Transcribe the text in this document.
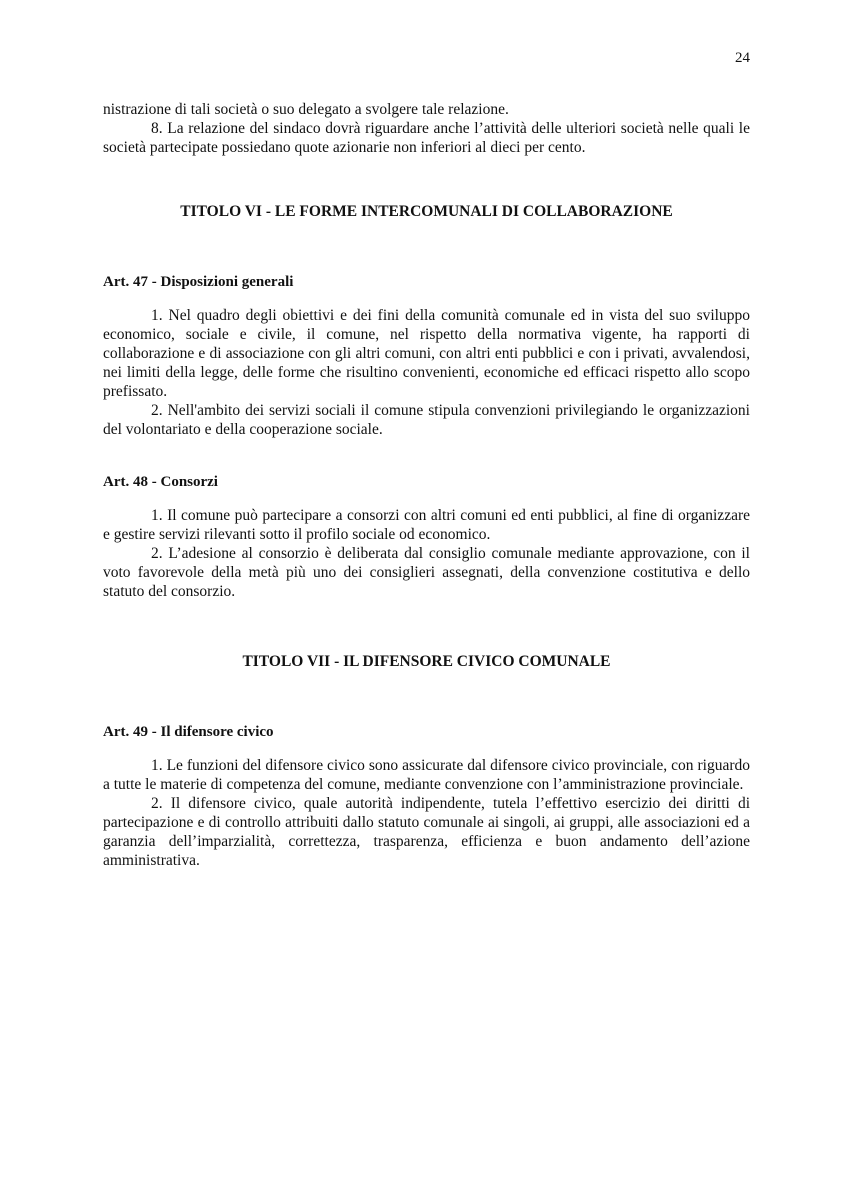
24

nistrazione di tali società o suo delegato a svolgere tale relazione.

8. La relazione del sindaco dovrà riguardare anche l’attività delle ulteriori società nelle quali le società partecipate possiedano quote azionarie non inferiori al dieci per cento.

TITOLO VI - LE FORME INTERCOMUNALI DI COLLABORAZIONE
Art. 47 - Disposizioni generali

1. Nel quadro degli obiettivi e dei fini della comunità comunale ed in vista del suo sviluppo economico, sociale e civile, il comune, nel rispetto della normativa vigente, ha rapporti di collaborazione e di associazione con gli altri comuni, con altri enti pubblici e con i privati, avvalendosi, nei limiti della legge, delle forme che risultino convenienti, economiche ed efficaci rispetto allo scopo prefissato.

2. Nell'ambito dei servizi sociali il comune stipula convenzioni privilegiando le organizzazioni del volontariato e della cooperazione sociale.

Art. 48 - Consorzi

1. Il comune può partecipare a consorzi con altri comuni ed enti pubblici, al fine di organizzare e gestire servizi rilevanti sotto il profilo sociale od economico.

2. L’adesione al consorzio è deliberata dal consiglio comunale mediante approvazione, con il voto favorevole della metà più uno dei consiglieri assegnati, della convenzione costitutiva e dello statuto del consorzio.

TITOLO VII - IL DIFENSORE CIVICO COMUNALE
Art. 49 - Il difensore civico

1. Le funzioni del difensore civico sono assicurate dal difensore civico provinciale, con riguardo a tutte le materie di competenza del comune, mediante convenzione con l’amministrazione provinciale.

2. Il difensore civico, quale autorità indipendente, tutela l’effettivo esercizio dei diritti di partecipazione e di controllo attribuiti dallo statuto comunale ai singoli, ai gruppi, alle associazioni ed a garanzia dell’imparzialità, correttezza, trasparenza, efficienza e buon andamento dell’azione amministrativa.
